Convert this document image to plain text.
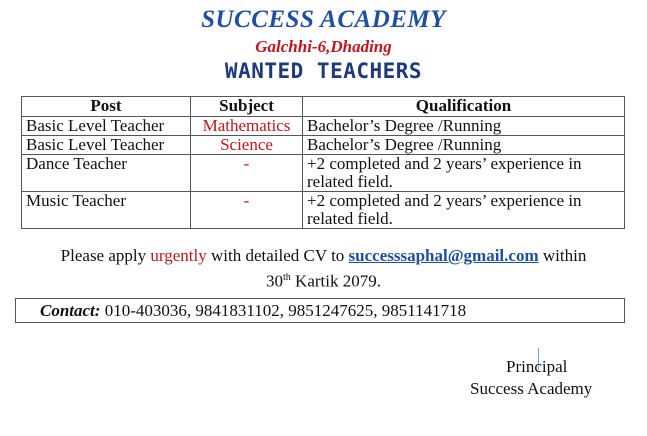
SUCCESS ACADEMY
Galchhi-6,Dhading
WANTED TEACHERS
Post	Subject	Qualification
Basic Level Teacher	Mathematics	Bachelor’s Degree /Running
Basic Level Teacher	Science	Bachelor’s Degree /Running
Dance Teacher	-	+2 completed and 2 years’ experience in related field.
Music Teacher	-	+2 completed and 2 years’ experience in related field.
Please apply urgently with detailed CV to successsaphal@gmail.com within
30th Kartik 2079.
Contact: 010-403036, 9841831102, 9851247625, 9851141718
Principal
Success Academy
